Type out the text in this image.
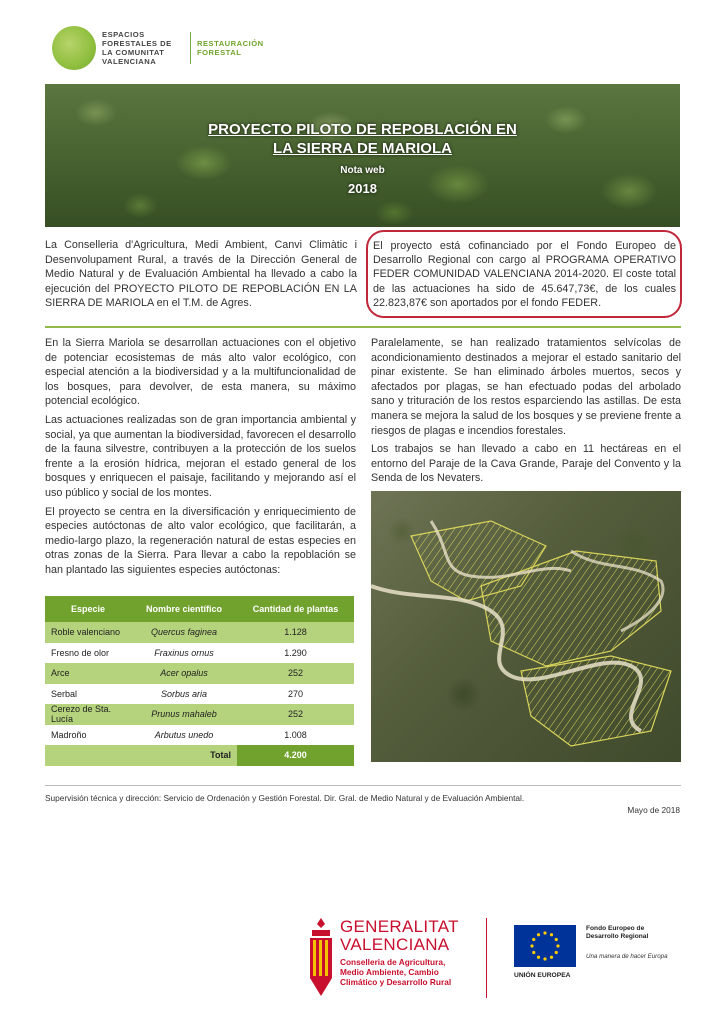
ESPACIOS FORESTALES DE LA COMUNITAT VALENCIANA
RESTAURACIÓN FORESTAL
PROYECTO PILOTO DE REPOBLACIÓN EN
LA SIERRA DE MARIOLA
Nota web
2018
La Conselleria d'Agricultura, Medi Ambient, Canvi Climàtic i Desenvolupament Rural, a través de la Dirección General de Medio Natural y de Evaluación Ambiental ha llevado a cabo la ejecución del PROYECTO PILOTO DE REPOBLACIÓN EN LA SIERRA DE MARIOLA en el T.M. de Agres.
El proyecto está cofinanciado por el Fondo Europeo de Desarrollo Regional con cargo al PROGRAMA OPERATIVO FEDER COMUNIDAD VALENCIANA 2014-2020. El coste total de las actuaciones ha sido de 45.647,73€, de los cuales 22.823,87€ son aportados por el fondo FEDER.

En la Sierra Mariola se desarrollan actuaciones con el objetivo de potenciar ecosistemas de más alto valor ecológico, con especial atención a la biodiversidad y a la multifuncionalidad de los bosques, para devolver, de esta manera, su máximo potencial ecológico.

Las actuaciones realizadas son de gran importancia ambiental y social, ya que aumentan la biodiversidad, favorecen el desarrollo de la fauna silvestre, contribuyen a la protección de los suelos frente a la erosión hídrica, mejoran el estado general de los bosques y enriquecen el paisaje, facilitando y mejorando así el uso público y social de los montes.

El proyecto se centra en la diversificación y enriquecimiento de especies autóctonas de alto valor ecológico, que facilitarán, a medio-largo plazo, la regeneración natural de estas especies en otras zonas de la Sierra. Para llevar a cabo la repoblación se han plantado las siguientes especies autóctonas:

Paralelamente, se han realizado tratamientos selvícolas de acondicionamiento destinados a mejorar el estado sanitario del pinar existente. Se han eliminado árboles muertos, secos y afectados por plagas, se han efectuado podas del arbolado sano y trituración de los restos esparciendo las astillas. De esta manera se mejora la salud de los bosques y se previene frente a riesgos de plagas e incendios forestales.

Los trabajos se han llevado a cabo en 11 hectáreas en el entorno del Paraje de la Cava Grande, Paraje del Convento y la Senda de los Nevaters.

Especie	Nombre científico	Cantidad de plantas
Roble valenciano	Quercus faginea	1.128
Fresno de olor	Fraxinus ornus	1.290
Arce	Acer opalus	252
Serbal	Sorbus aria	270
Cerezo de Sta. Lucía	Prunus mahaleb	252
Madroño	Arbutus unedo	1.008
Total		4.200
Supervisión técnica y dirección: Servicio de Ordenación y Gestión Forestal. Dir. Gral. de Medio Natural y de Evaluación Ambiental.
Mayo de 2018
GENERALITAT
VALENCIANA
Conselleria de Agricultura, Medio Ambiente, Cambio Climático y Desarrollo Rural
UNIÓN EUROPEA
Fondo Europeo de Desarrollo Regional
Una manera de hacer Europa
